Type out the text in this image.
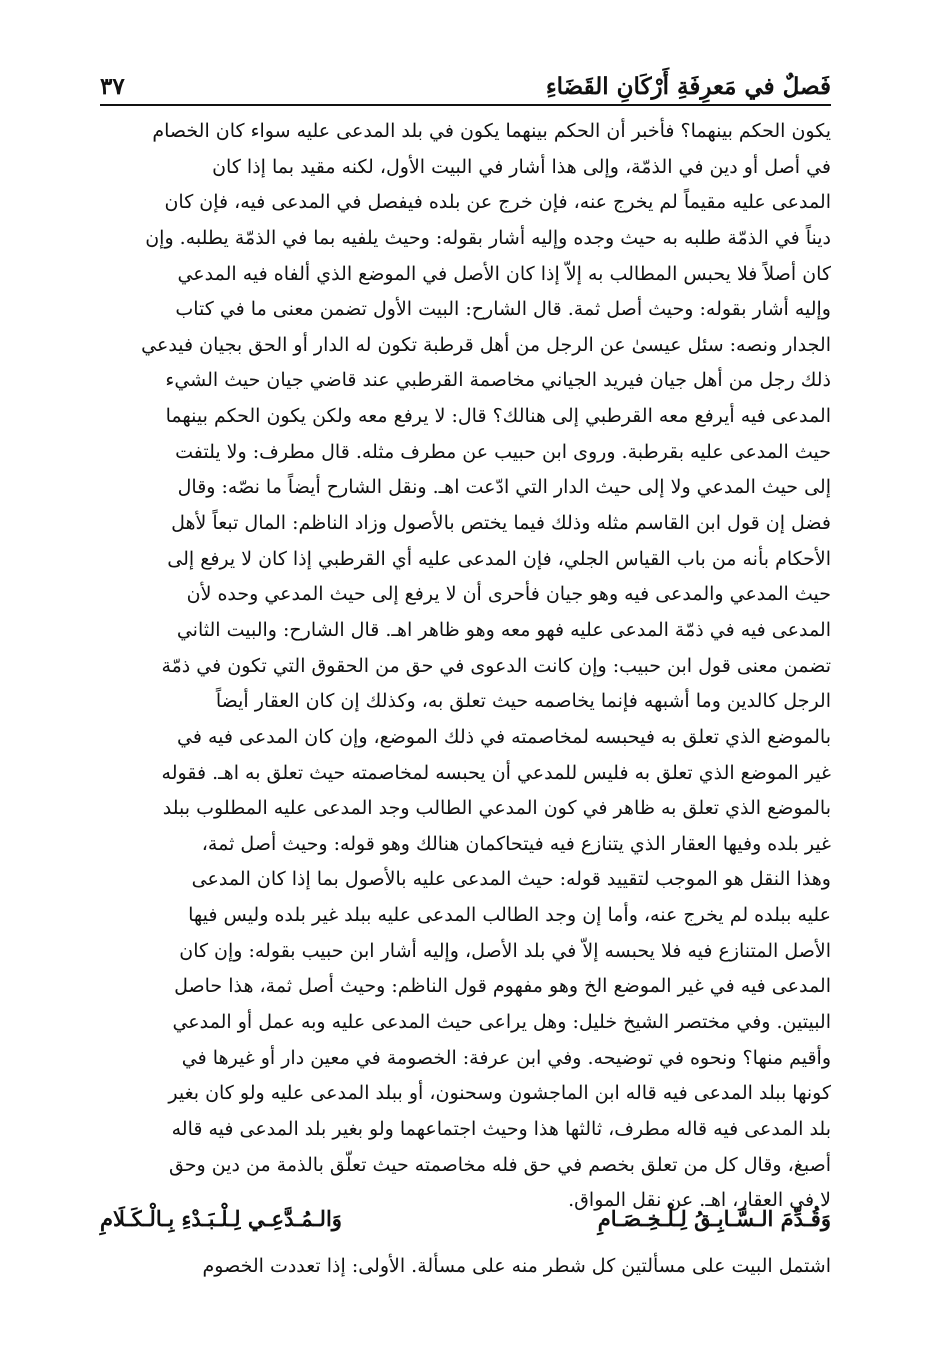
فَصلٌ في مَعرِفَةِ أَرْكَانِ القَضَاءِ
٣٧
يكون الحكم بينهما؟ فأخبر أن الحكم بينهما يكون في بلد المدعى عليه سواء كان الخصام
في أصل أو دين في الذمّة، وإلى هذا أشار في البيت الأول، لكنه مقيد بما إذا كان
المدعى عليه مقيماً لم يخرج عنه، فإن خرج عن بلده فيفصل في المدعى فيه، فإن كان
ديناً في الذمّة طلبه به حيث وجده وإليه أشار بقوله: وحيث يلفيه بما في الذمّة يطلبه. وإن
كان أصلاً فلا يحبس المطالب به إلاّ إذا كان الأصل في الموضع الذي ألفاه فيه المدعي
وإليه أشار بقوله: وحيث أصل ثمة. قال الشارح: البيت الأول تضمن معنى ما في كتاب
الجدار ونصه: سئل عيسىٰ عن الرجل من أهل قرطبة تكون له الدار أو الحق بجيان فيدعي
ذلك رجل من أهل جيان فيريد الجياني مخاصمة القرطبي عند قاضي جيان حيث الشيء
المدعى فيه أيرفع معه القرطبي إلى هنالك؟ قال: لا يرفع معه ولكن يكون الحكم بينهما
حيث المدعى عليه بقرطبة. وروى ابن حبيب عن مطرف مثله. قال مطرف: ولا يلتفت
إلى حيث المدعي ولا إلى حيث الدار التي ادّعت اهـ. ونقل الشارح أيضاً ما نصّه: وقال
فضل إن قول ابن القاسم مثله وذلك فيما يختص بالأصول وزاد الناظم: المال تبعاً لأهل
الأحكام بأنه من باب القياس الجلي، فإن المدعى عليه أي القرطبي إذا كان لا يرفع إلى
حيث المدعي والمدعى فيه وهو جيان فأحرى أن لا يرفع إلى حيث المدعي وحده لأن
المدعى فيه في ذمّة المدعى عليه فهو معه وهو ظاهر اهـ. قال الشارح: والبيت الثاني
تضمن معنى قول ابن حبيب: وإن كانت الدعوى في حق من الحقوق التي تكون في ذمّة
الرجل كالدين وما أشبهه فإنما يخاصمه حيث تعلق به، وكذلك إن كان العقار أيضاً
بالموضع الذي تعلق به فيحبسه لمخاصمته في ذلك الموضع، وإن كان المدعى فيه في
غير الموضع الذي تعلق به فليس للمدعي أن يحبسه لمخاصمته حيث تعلق به اهـ. فقوله
بالموضع الذي تعلق به ظاهر في كون المدعي الطالب وجد المدعى عليه المطلوب ببلد
غير بلده وفيها العقار الذي يتنازع فيه فيتحاكمان هنالك وهو قوله: وحيث أصل ثمة،
وهذا النقل هو الموجب لتقييد قوله: حيث المدعى عليه بالأصول بما إذا كان المدعى
عليه ببلده لم يخرج عنه، وأما إن وجد الطالب المدعى عليه ببلد غير بلده وليس فيها
الأصل المتنازع فيه فلا يحبسه إلاّ في بلد الأصل، وإليه أشار ابن حبيب بقوله: وإن كان
المدعى فيه في غير الموضع الخ وهو مفهوم قول الناظم: وحيث أصل ثمة، هذا حاصل
البيتين. وفي مختصر الشيخ خليل: وهل يراعى حيث المدعى عليه وبه عمل أو المدعي
وأقيم منها؟ ونحوه في توضيحه. وفي ابن عرفة: الخصومة في معين دار أو غيرها في
كونها ببلد المدعى فيه قاله ابن الماجشون وسحنون، أو ببلد المدعى عليه ولو كان بغير
بلد المدعى فيه قاله مطرف، ثالثها هذا وحيث اجتماعهما ولو بغير بلد المدعى فيه قاله
أصبغ، وقال كل من تعلق بخصم في حق فله مخاصمته حيث تعلّق بالذمة من دين وحق
لا في العقار، اهـ. عن نقل المواق.
وَقُـدِّمَ الـسَّـابِـقُ لِـلْـخِـصَـامِ
وَالـمُـدَّعِـي لِـلْـبَـدْءِ بِـالْـكَـلَامِ
اشتمل البيت على مسألتين كل شطر منه على مسألة. الأولى: إذا تعددت الخصوم
